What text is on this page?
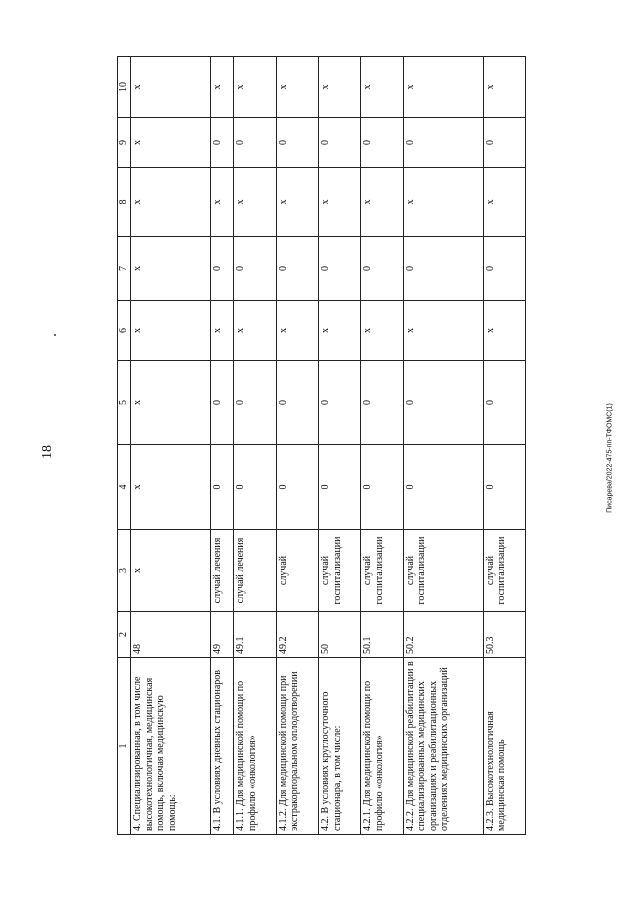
18	Писарева/2022-475-пп-ТФОМС(1)
1	2	3	4	5	6	7	8	9	10
4. Специализированная, в том числе высокотехнологичная, медицинская помощь, включая медицинскую помощь:	48	х	х	х	х	х	х	х	х
4.1. В условиях дневных стационаров	49	случай лечения	0	0	х	0	х	0	х
4.1.1. Для медицинской помощи по профилю «онкология»	49.1	случай лечения	0	0	х	0	х	0	х
4.1.2. Для медицинской помощи при экстракорпоральном оплодотворении	49.2	случай	0	0	х	0	х	0	х
4.2. В условиях круглосуточного стационара, в том числе:	50	случай госпитализации	0	0	х	0	х	0	х
4.2.1. Для медицинской помощи по профилю «онкология»	50.1	случай госпитализации	0	0	х	0	х	0	х
4.2.2. Для медицинской реабилитации в специализированных медицинских организациях и реабилитационных отделениях медицинских организаций	50.2	случай госпитализации	0	0	х	0	х	0	х
4.2.3. Высокотехнологичная медицинская помощь	50.3	случай госпитализации	0	0	х	0	х	0	х
